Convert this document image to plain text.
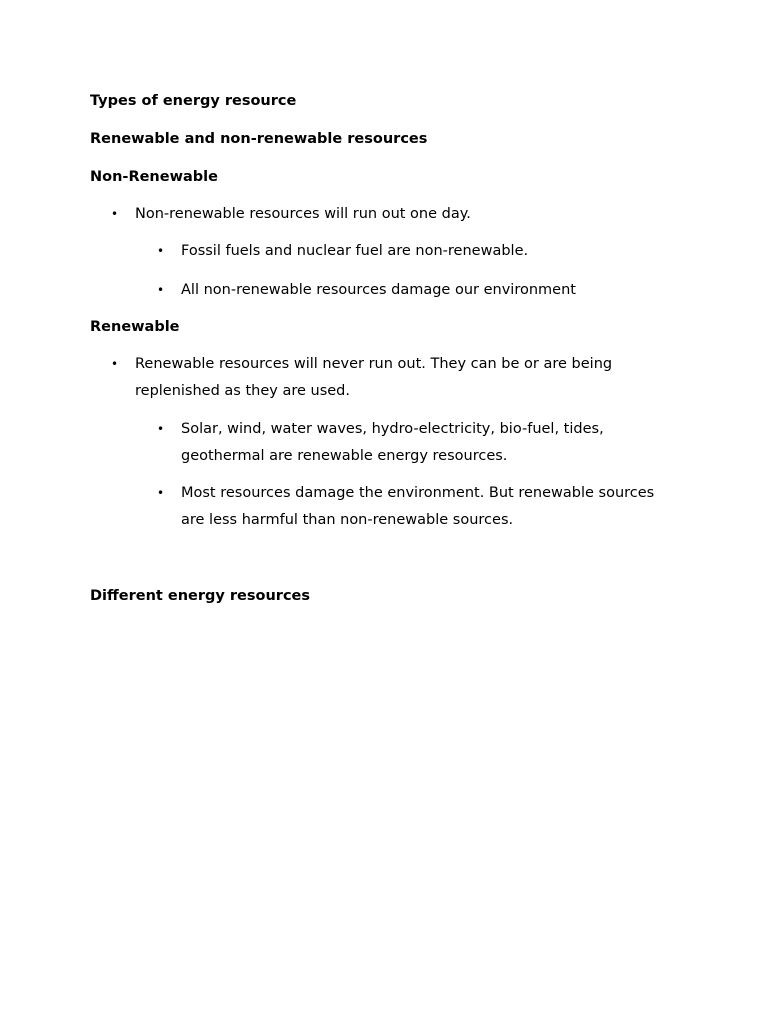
Types of energy resource
Renewable and non-renewable resources
Non-Renewable
• Non-renewable resources will run out one day.
• Fossil fuels and nuclear fuel are non-renewable.
• All non-renewable resources damage our environment
Renewable
• Renewable resources will never run out. They can be or are being replenished as they are used.
• Solar, wind, water waves, hydro-electricity, bio-fuel, tides, geothermal are renewable energy resources.
• Most resources damage the environment. But renewable sources are less harmful than non-renewable sources.
Different energy resources
